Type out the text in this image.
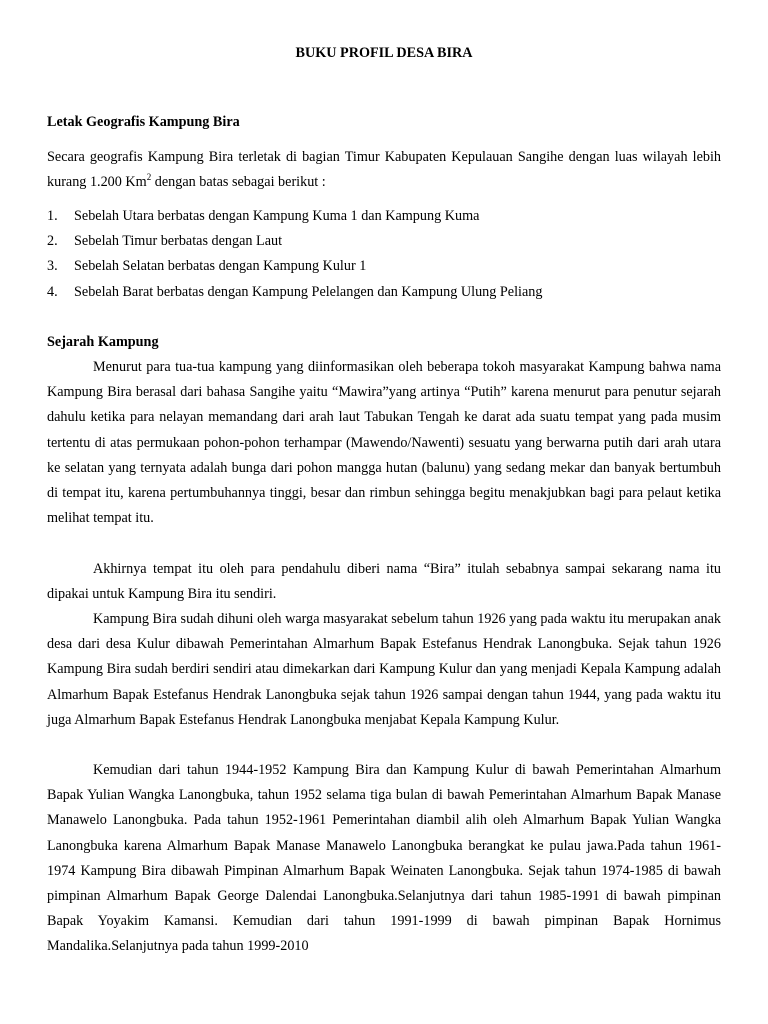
BUKU PROFIL DESA BIRA
Letak Geografis Kampung Bira

Secara geografis Kampung Bira terletak di bagian Timur Kabupaten Kepulauan Sangihe dengan luas wilayah lebih kurang 1.200 Km$^2$ dengan batas sebagai berikut :

1. Sebelah Utara berbatas dengan Kampung Kuma 1 dan Kampung Kuma
2. Sebelah Timur berbatas dengan Laut
3. Sebelah Selatan berbatas dengan Kampung Kulur 1
4. Sebelah Barat berbatas dengan Kampung Pelelangen dan Kampung Ulung Peliang
Sejarah Kampung

Menurut para tua-tua kampung yang diinformasikan oleh beberapa tokoh masyarakat Kampung bahwa nama Kampung Bira berasal dari bahasa Sangihe yaitu “Mawira”yang artinya “Putih” karena menurut para penutur sejarah dahulu ketika para nelayan memandang dari arah laut Tabukan Tengah ke darat ada suatu tempat yang pada musim tertentu di atas permukaan pohon-pohon terhampar (Mawendo/Nawenti) sesuatu yang berwarna putih dari arah utara ke selatan yang ternyata adalah bunga dari pohon mangga hutan (balunu) yang sedang mekar dan banyak bertumbuh di tempat itu, karena pertumbuhannya tinggi, besar dan rimbun sehingga begitu menakjubkan bagi para pelaut ketika melihat tempat itu.

Akhirnya tempat itu oleh para pendahulu diberi nama “Bira” itulah sebabnya sampai sekarang nama itu dipakai untuk Kampung Bira itu sendiri.

Kampung Bira sudah dihuni oleh warga masyarakat sebelum tahun 1926 yang pada waktu itu merupakan anak desa dari desa Kulur dibawah Pemerintahan Almarhum Bapak Estefanus Hendrak Lanongbuka. Sejak tahun 1926 Kampung Bira sudah berdiri sendiri atau dimekarkan dari Kampung Kulur dan yang menjadi Kepala Kampung adalah Almarhum Bapak Estefanus Hendrak Lanongbuka sejak tahun 1926 sampai dengan tahun 1944, yang pada waktu itu juga Almarhum Bapak Estefanus Hendrak Lanongbuka menjabat Kepala Kampung Kulur.

Kemudian dari tahun 1944-1952 Kampung Bira dan Kampung Kulur di bawah Pemerintahan Almarhum Bapak Yulian Wangka Lanongbuka, tahun 1952 selama tiga bulan di bawah Pemerintahan Almarhum Bapak Manase Manawelo Lanongbuka. Pada tahun 1952-1961 Pemerintahan diambil alih oleh Almarhum Bapak Yulian Wangka Lanongbuka karena Almarhum Bapak Manase Manawelo Lanongbuka berangkat ke pulau jawa.Pada tahun 1961-1974 Kampung Bira dibawah Pimpinan Almarhum Bapak Weinaten Lanongbuka. Sejak tahun 1974-1985 di bawah pimpinan Almarhum Bapak George Dalendai Lanongbuka.Selanjutnya dari tahun 1985-1991 di bawah pimpinan Bapak Yoyakim Kamansi. Kemudian dari tahun 1991-1999 di bawah pimpinan Bapak Hornimus Mandalika.Selanjutnya pada tahun 1999-2010
